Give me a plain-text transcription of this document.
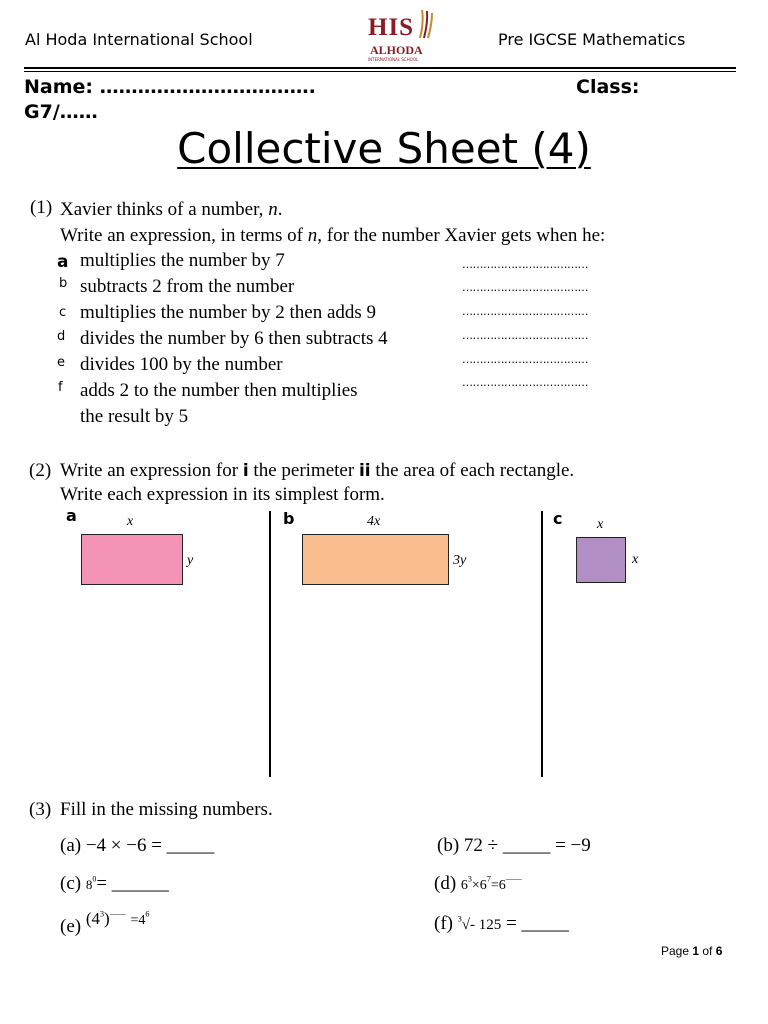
Al Hoda International School	Pre IGCSE Mathematics
HIS
ALHODA
INTERNATIONAL SCHOOL
Name: …………………………….	Class:
G7/……
Collective Sheet (4)
(1) Xavier thinks of a number, n.
Write an expression, in terms of n, for the number Xavier gets when he:
a multiplies the number by 7	………………………………
b subtracts 2 from the number	………………………………
c multiplies the number by 2 then adds 9	………………………………
d divides the number by 6 then subtracts 4	………………………………
e divides 100 by the number	………………………………
f adds 2 to the number then multiplies	………………………………
the result by 5
(2) Write an expression for i the perimeter ii the area of each rectangle.
Write each expression in its simplest form.
a	x
y
b	4x
3y
c x
x
(3) Fill in the missing numbers.
(a) −4 × −6 = _____	(b) 72 ÷ _____ = −9
(c) $8^0=$ ______	(d) $6^3\times 6^7=6^{——}$
(e) $(4^3)^{——} =4^6$	(f) $^3$√- 125 = _____
Page 1 of 6
